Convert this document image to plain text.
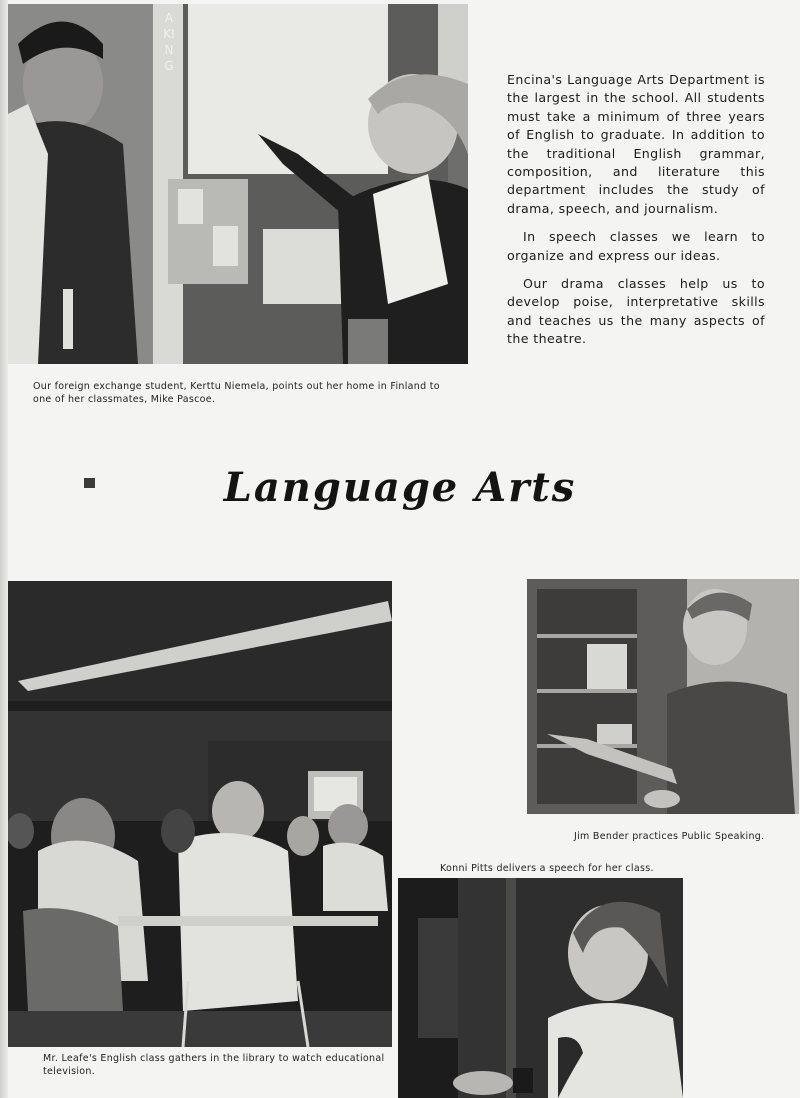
AKING

Encina's Language Arts Department is the largest in the school. All students must take a minimum of three years of English to graduate. In addition to the traditional English grammar, composition, and literature this department includes the study of drama, speech, and journalism.

In speech classes we learn to organize and express our ideas.

Our drama classes help us to develop poise, interpretative skills and teaches us the many aspects of the theatre.

Our foreign exchange student, Kerttu Niemela, points out her home in Finland to one of her classmates, Mike Pascoe.
Language Arts
Mr. Leafe's English class gathers in the library to watch educational television.
Jim Bender practices Public Speaking.
Konni Pitts delivers a speech for her class.
